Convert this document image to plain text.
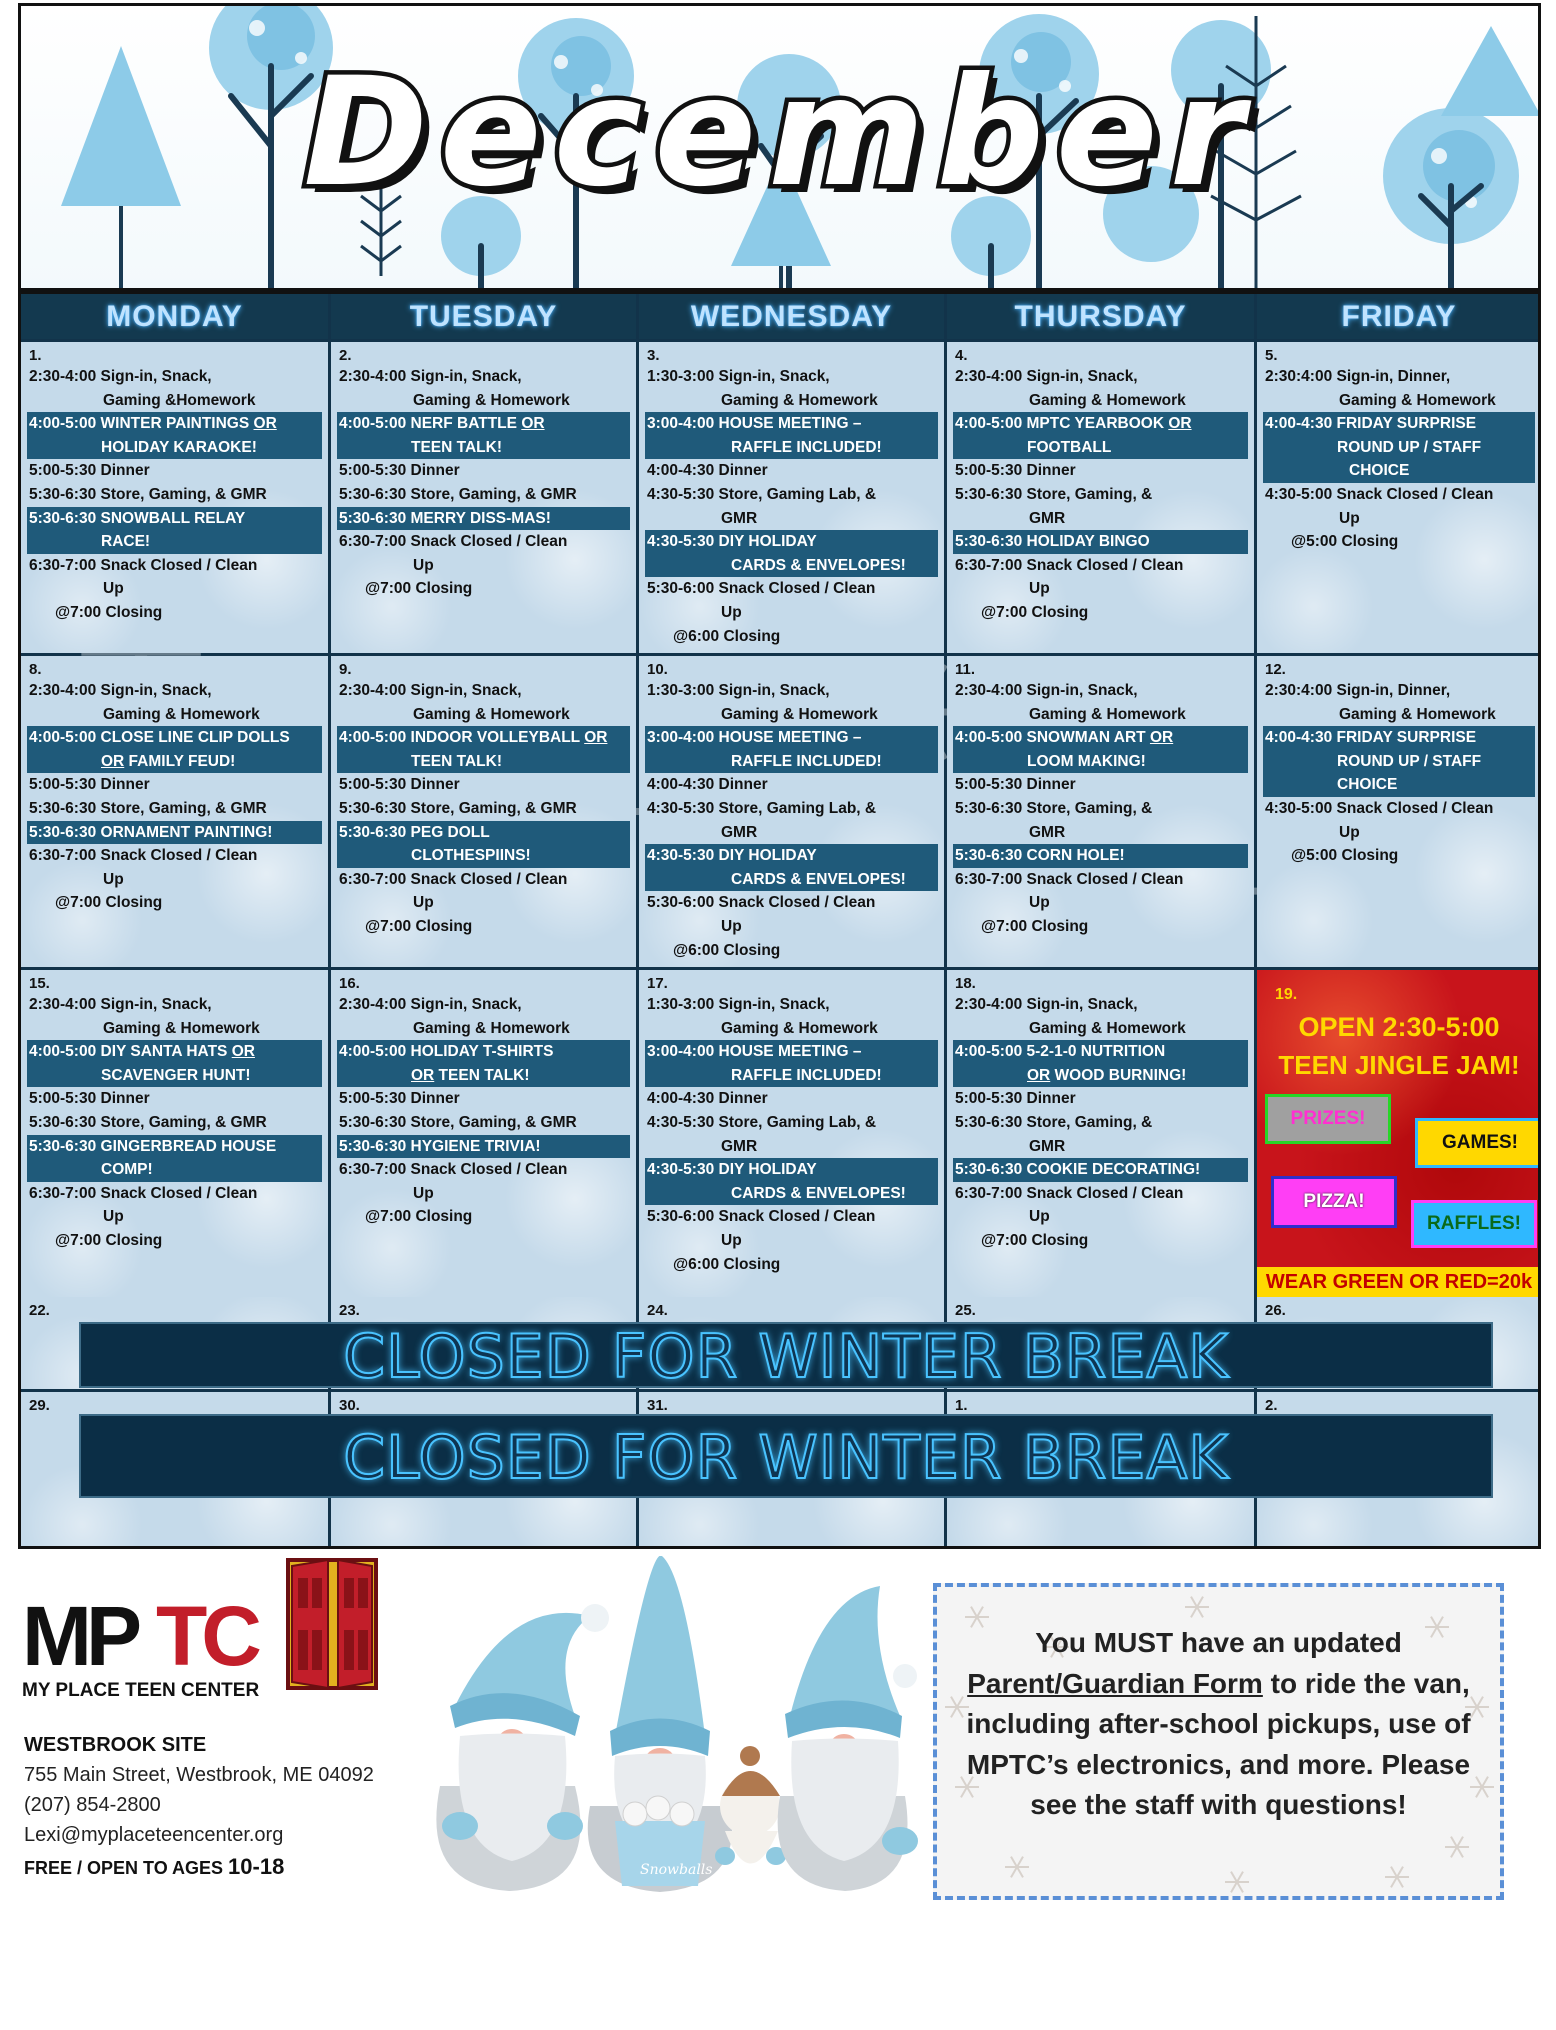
December
MONDAY	TUESDAY	WEDNESDAY	THURSDAY	FRIDAY
1.
2:30-4:00 Sign-in, Snack,
Gaming &Homework
4:00-5:00 WINTER PAINTINGS OR
HOLIDAY KARAOKE!
5:00-5:30 Dinner
5:30-6:30 Store, Gaming, & GMR
5:30-6:30 SNOWBALL RELAY
RACE!
6:30-7:00 Snack Closed / Clean
Up
@7:00 Closing
2.
2:30-4:00 Sign-in, Snack,
Gaming & Homework
4:00-5:00 NERF BATTLE OR
TEEN TALK!
5:00-5:30 Dinner
5:30-6:30 Store, Gaming, & GMR
5:30-6:30 MERRY DISS-MAS!
6:30-7:00 Snack Closed / Clean
Up
@7:00 Closing
3.
1:30-3:00 Sign-in, Snack,
Gaming & Homework
3:00-4:00 HOUSE MEETING –
RAFFLE INCLUDED!
4:00-4:30 Dinner
4:30-5:30 Store, Gaming Lab, &
GMR
4:30-5:30 DIY HOLIDAY
CARDS & ENVELOPES!
5:30-6:00 Snack Closed / Clean
Up
@6:00 Closing
4.
2:30-4:00 Sign-in, Snack,
Gaming & Homework
4:00-5:00 MPTC YEARBOOK OR
FOOTBALL
5:00-5:30 Dinner
5:30-6:30 Store, Gaming, &
GMR
5:30-6:30 HOLIDAY BINGO
6:30-7:00 Snack Closed / Clean
Up
@7:00 Closing
5.
2:30:4:00 Sign-in, Dinner,
Gaming & Homework
4:00-4:30 FRIDAY SURPRISE
ROUND UP / STAFF
CHOICE
4:30-5:00 Snack Closed / Clean
Up
@5:00 Closing
8.
2:30-4:00 Sign-in, Snack,
Gaming & Homework
4:00-5:00 CLOSE LINE CLIP DOLLS
OR FAMILY FEUD!
5:00-5:30 Dinner
5:30-6:30 Store, Gaming, & GMR
5:30-6:30 ORNAMENT PAINTING!
6:30-7:00 Snack Closed / Clean
Up
@7:00 Closing
9.
2:30-4:00 Sign-in, Snack,
Gaming & Homework
4:00-5:00 INDOOR VOLLEYBALL OR
TEEN TALK!
5:00-5:30 Dinner
5:30-6:30 Store, Gaming, & GMR
5:30-6:30 PEG DOLL
CLOTHESPIINS!
6:30-7:00 Snack Closed / Clean
Up
@7:00 Closing
10.
1:30-3:00 Sign-in, Snack,
Gaming & Homework
3:00-4:00 HOUSE MEETING –
RAFFLE INCLUDED!
4:00-4:30 Dinner
4:30-5:30 Store, Gaming Lab, &
GMR
4:30-5:30 DIY HOLIDAY
CARDS & ENVELOPES!
5:30-6:00 Snack Closed / Clean
Up
@6:00 Closing
11.
2:30-4:00 Sign-in, Snack,
Gaming & Homework
4:00-5:00 SNOWMAN ART OR
LOOM MAKING!
5:00-5:30 Dinner
5:30-6:30 Store, Gaming, &
GMR
5:30-6:30 CORN HOLE!
6:30-7:00 Snack Closed / Clean
Up
@7:00 Closing
12.
2:30:4:00 Sign-in, Dinner,
Gaming & Homework
4:00-4:30 FRIDAY SURPRISE
ROUND UP / STAFF
CHOICE
4:30-5:00 Snack Closed / Clean
Up
@5:00 Closing
15.
2:30-4:00 Sign-in, Snack,
Gaming & Homework
4:00-5:00 DIY SANTA HATS OR
SCAVENGER HUNT!
5:00-5:30 Dinner
5:30-6:30 Store, Gaming, & GMR
5:30-6:30 GINGERBREAD HOUSE
COMP!
6:30-7:00 Snack Closed / Clean
Up
@7:00 Closing
16.
2:30-4:00 Sign-in, Snack,
Gaming & Homework
4:00-5:00 HOLIDAY T-SHIRTS
OR TEEN TALK!
5:00-5:30 Dinner
5:30-6:30 Store, Gaming, & GMR
5:30-6:30 HYGIENE TRIVIA!
6:30-7:00 Snack Closed / Clean
Up
@7:00 Closing
17.
1:30-3:00 Sign-in, Snack,
Gaming & Homework
3:00-4:00 HOUSE MEETING –
RAFFLE INCLUDED!
4:00-4:30 Dinner
4:30-5:30 Store, Gaming Lab, &
GMR
4:30-5:30 DIY HOLIDAY
CARDS & ENVELOPES!
5:30-6:00 Snack Closed / Clean
Up
@6:00 Closing
18.
2:30-4:00 Sign-in, Snack,
Gaming & Homework
4:00-5:00 5-2-1-0 NUTRITION
OR WOOD BURNING!
5:00-5:30 Dinner
5:30-6:30 Store, Gaming, &
GMR
5:30-6:30 COOKIE DECORATING!
6:30-7:00 Snack Closed / Clean
Up
@7:00 Closing
19.
OPEN 2:30-5:00
TEEN JINGLE JAM!
PRIZES!
GAMES!
PIZZA!
RAFFLES!
WEAR GREEN OR RED=20k
22.	23.	24.	25.	26.
CLOSED FOR WINTER BREAK
29.	30.	31.	1.	2.
CLOSED FOR WINTER BREAK
MP TC
MY PLACE TEEN CENTER
WESTBROOK SITE
755 Main Street, Westbrook, ME 04092
(207) 854-2800
Lexi@myplaceteencenter.org
FREE / OPEN TO AGES 10-18	Snowballs
You MUST have an updated Parent/Guardian Form to ride the van, including after-school pickups, use of MPTC’s electronics, and more. Please see the staff with questions!
